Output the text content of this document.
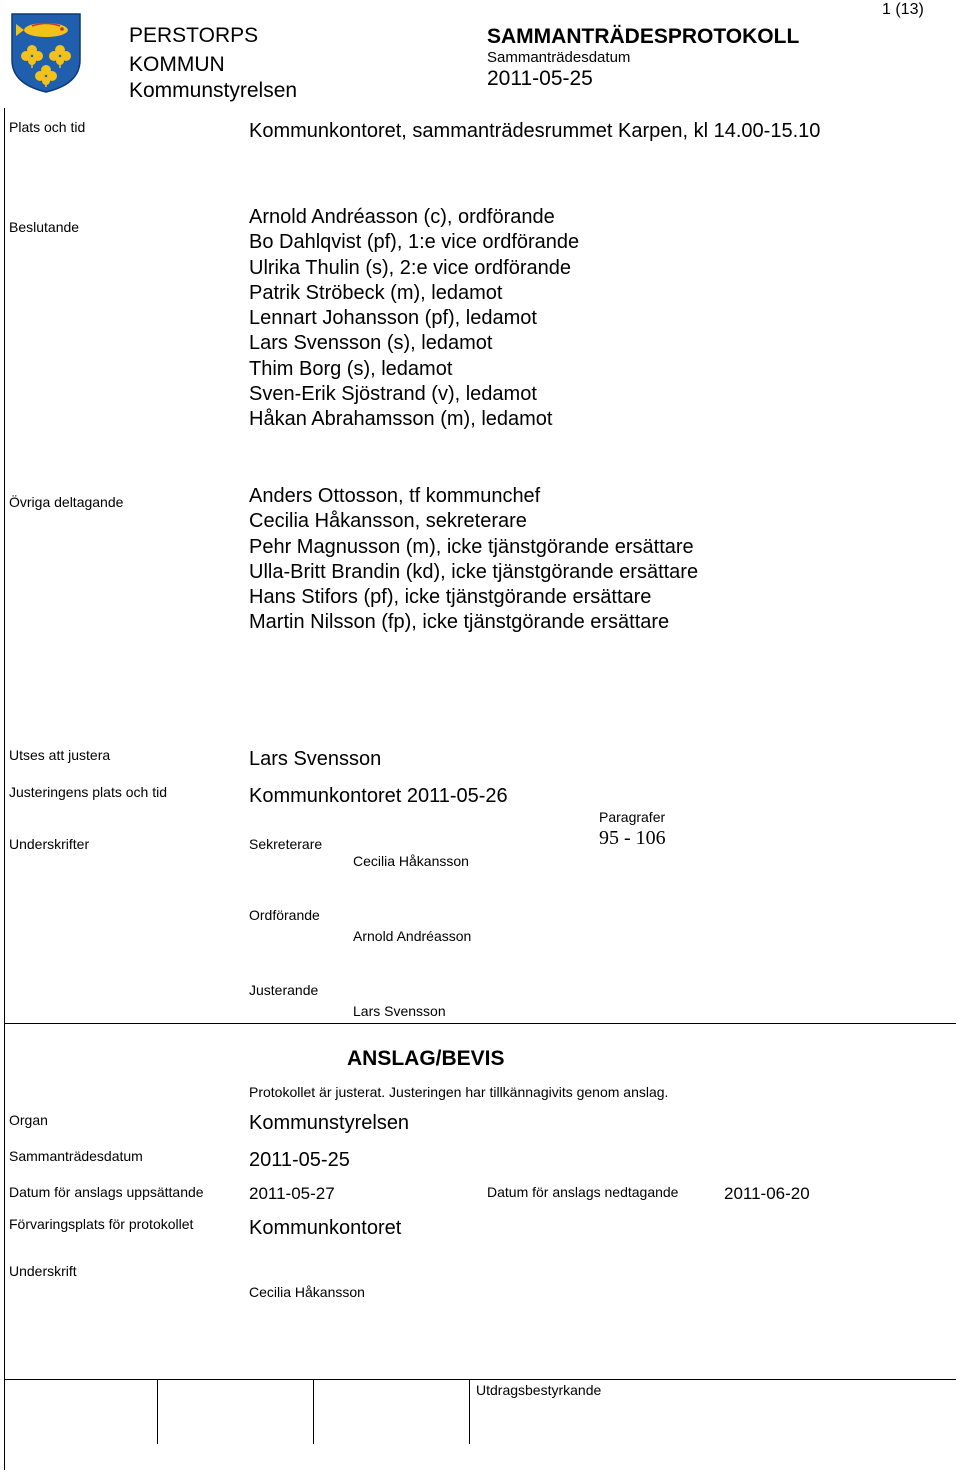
PERSTORPS
KOMMUN
Kommunstyrelsen
SAMMANTRÄDESPROTOKOLL
Sammanträdesdatum
2011-05-25
1 (13)
Plats och tid	Kommunkontoret, sammanträdesrummet Karpen, kl 14.00-15.10
Beslutande	Arnold Andréasson (c), ordförande
Bo Dahlqvist (pf), 1:e vice ordförande
Ulrika Thulin (s), 2:e vice ordförande
Patrik Ströbeck (m), ledamot
Lennart Johansson (pf), ledamot
Lars Svensson (s), ledamot
Thim Borg (s), ledamot
Sven-Erik Sjöstrand (v), ledamot
Håkan Abrahamsson (m), ledamot
Övriga deltagande	Anders Ottosson, tf kommunchef
Cecilia Håkansson, sekreterare
Pehr Magnusson (m), icke tjänstgörande ersättare
Ulla-Britt Brandin (kd), icke tjänstgörande ersättare
Hans Stifors (pf), icke tjänstgörande ersättare
Martin Nilsson (fp), icke tjänstgörande ersättare
Utses att justera	Lars Svensson
Justeringens plats och tid	Kommunkontoret 2011-05-26
Underskrifter
Paragrafer
95 - 106
Sekreterare
Cecilia Håkansson
Ordförande
Arnold Andréasson
Justerande
Lars Svensson
ANSLAG/BEVIS
Protokollet är justerat. Justeringen har tillkännagivits genom anslag.
Organ	Kommunstyrelsen
Sammanträdesdatum	2011-05-25
Datum för anslags uppsättande	2011-05-27	Datum för anslags nedtagande	2011-06-20
Förvaringsplats för protokollet	Kommunkontoret
Underskrift
Cecilia Håkansson
Utdragsbestyrkande
